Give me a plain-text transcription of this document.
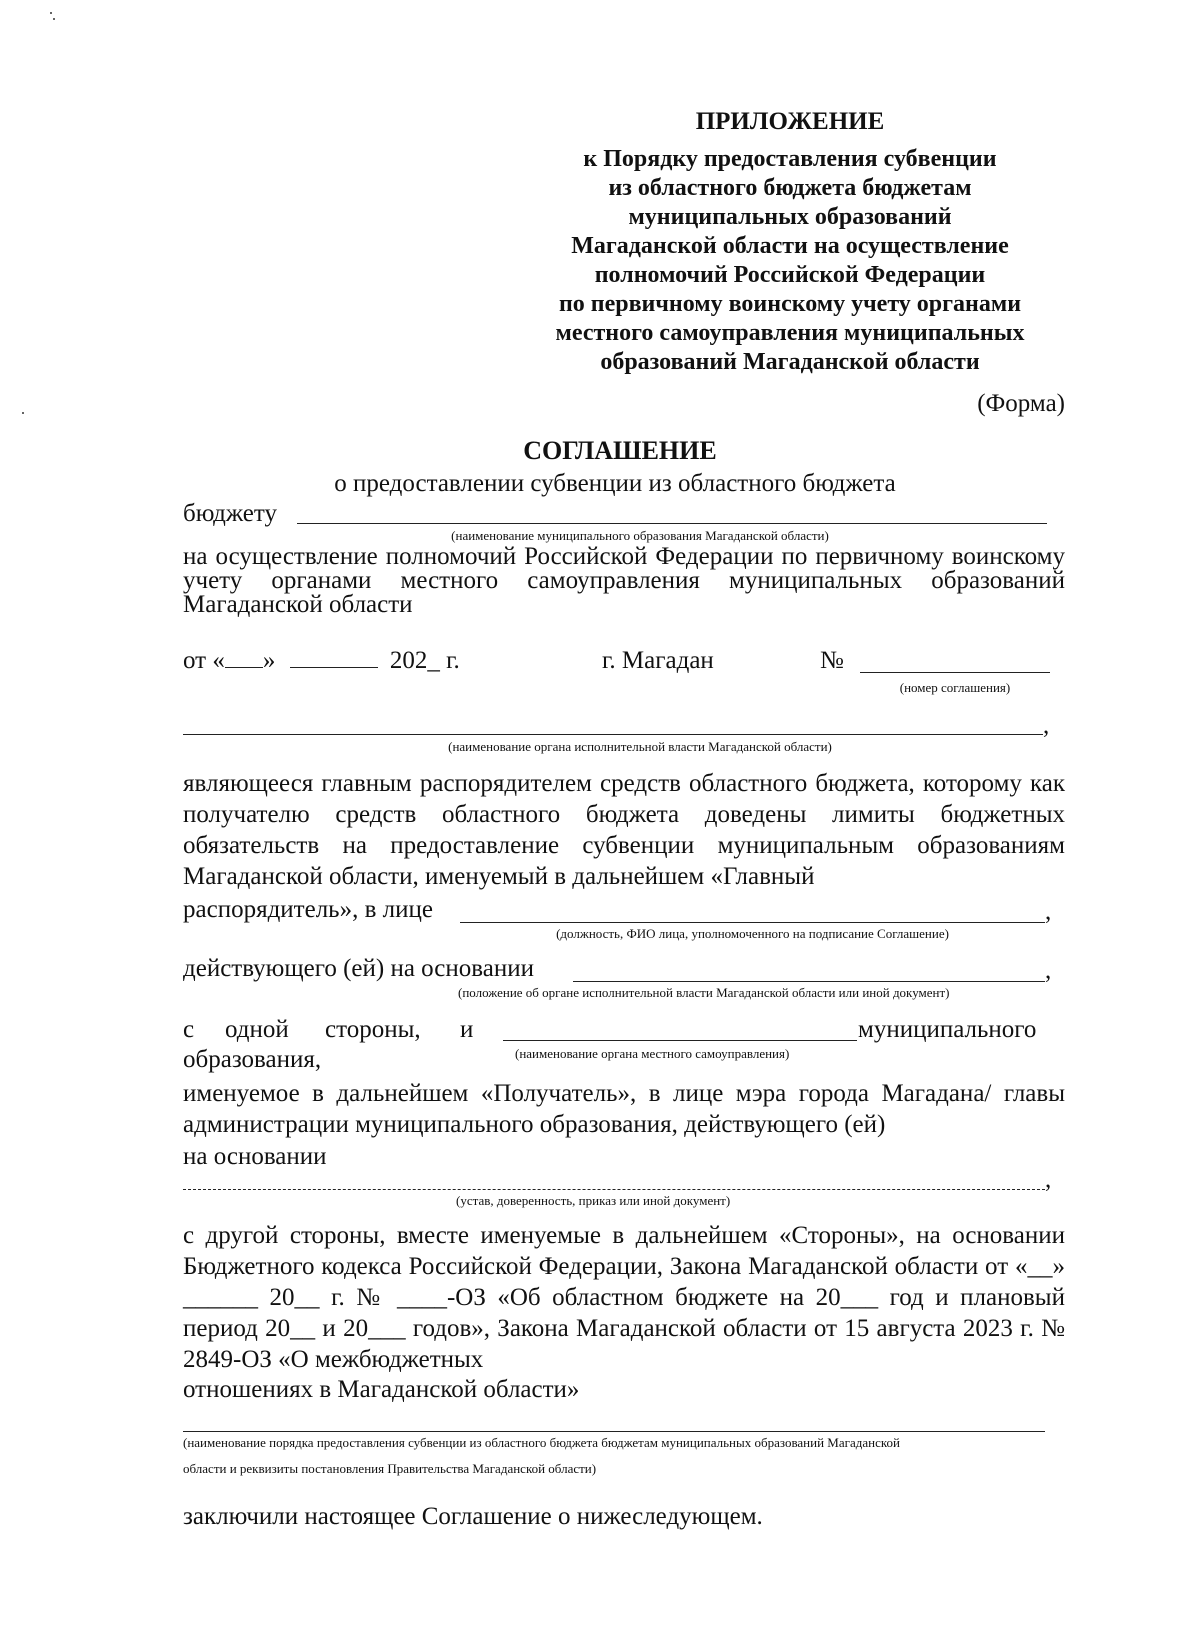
ПРИЛОЖЕНИЕ
к Порядку предоставления субвенции
из областного бюджета бюджетам
муниципальных образований
Магаданской области на осуществление
полномочий Российской Федерации
по первичному воинскому учету органами
местного самоуправления муниципальных
образований Магаданской области
(Форма)
СОГЛАШЕНИЕ
о предоставлении субвенции из областного бюджета
бюджету
(наименование муниципального образования Магаданской области)
на осуществление полномочий Российской Федерации по первичному воинскому учету органами местного самоуправления муниципальных образований Магаданской области
от « »	202_ г.	г. Магадан	№
(номер соглашения)
,
(наименование органа исполнительной власти Магаданской области)
являющееся главным распорядителем средств областного бюджета, которому как получателю средств областного бюджета доведены лимиты бюджетных обязательств на предоставление субвенции муниципальным образованиям Магаданской области, именуемый в дальнейшем «Главный
распорядитель», в лице	,
(должность, ФИО лица, уполномоченного на подписание Соглашение)
действующего (ей) на основании	,
(положение об органе исполнительной власти Магаданской области или иной документ)
с одной стороны, и	муниципального
образования,	(наименование органа местного самоуправления)
именуемое в дальнейшем «Получатель», в лице мэра города Магадана/ главы администрации муниципального образования, действующего (ей)
на основании
,
(устав, доверенность, приказ или иной документ)
с другой стороны, вместе именуемые в дальнейшем «Стороны», на основании Бюджетного кодекса Российской Федерации, Закона Магаданской области от «__» ______ 20__ г. № ____-ОЗ «Об областном бюджете на 20___ год и плановый период 20__ и 20___ годов», Закона Магаданской области от 15 августа 2023 г. № 2849-ОЗ «О межбюджетных
отношениях в Магаданской области»
(наименование порядка предоставления субвенции из областного бюджета бюджетам муниципальных образований Магаданской
области и реквизиты постановления Правительства Магаданской области)
заключили настоящее Соглашение о нижеследующем.
